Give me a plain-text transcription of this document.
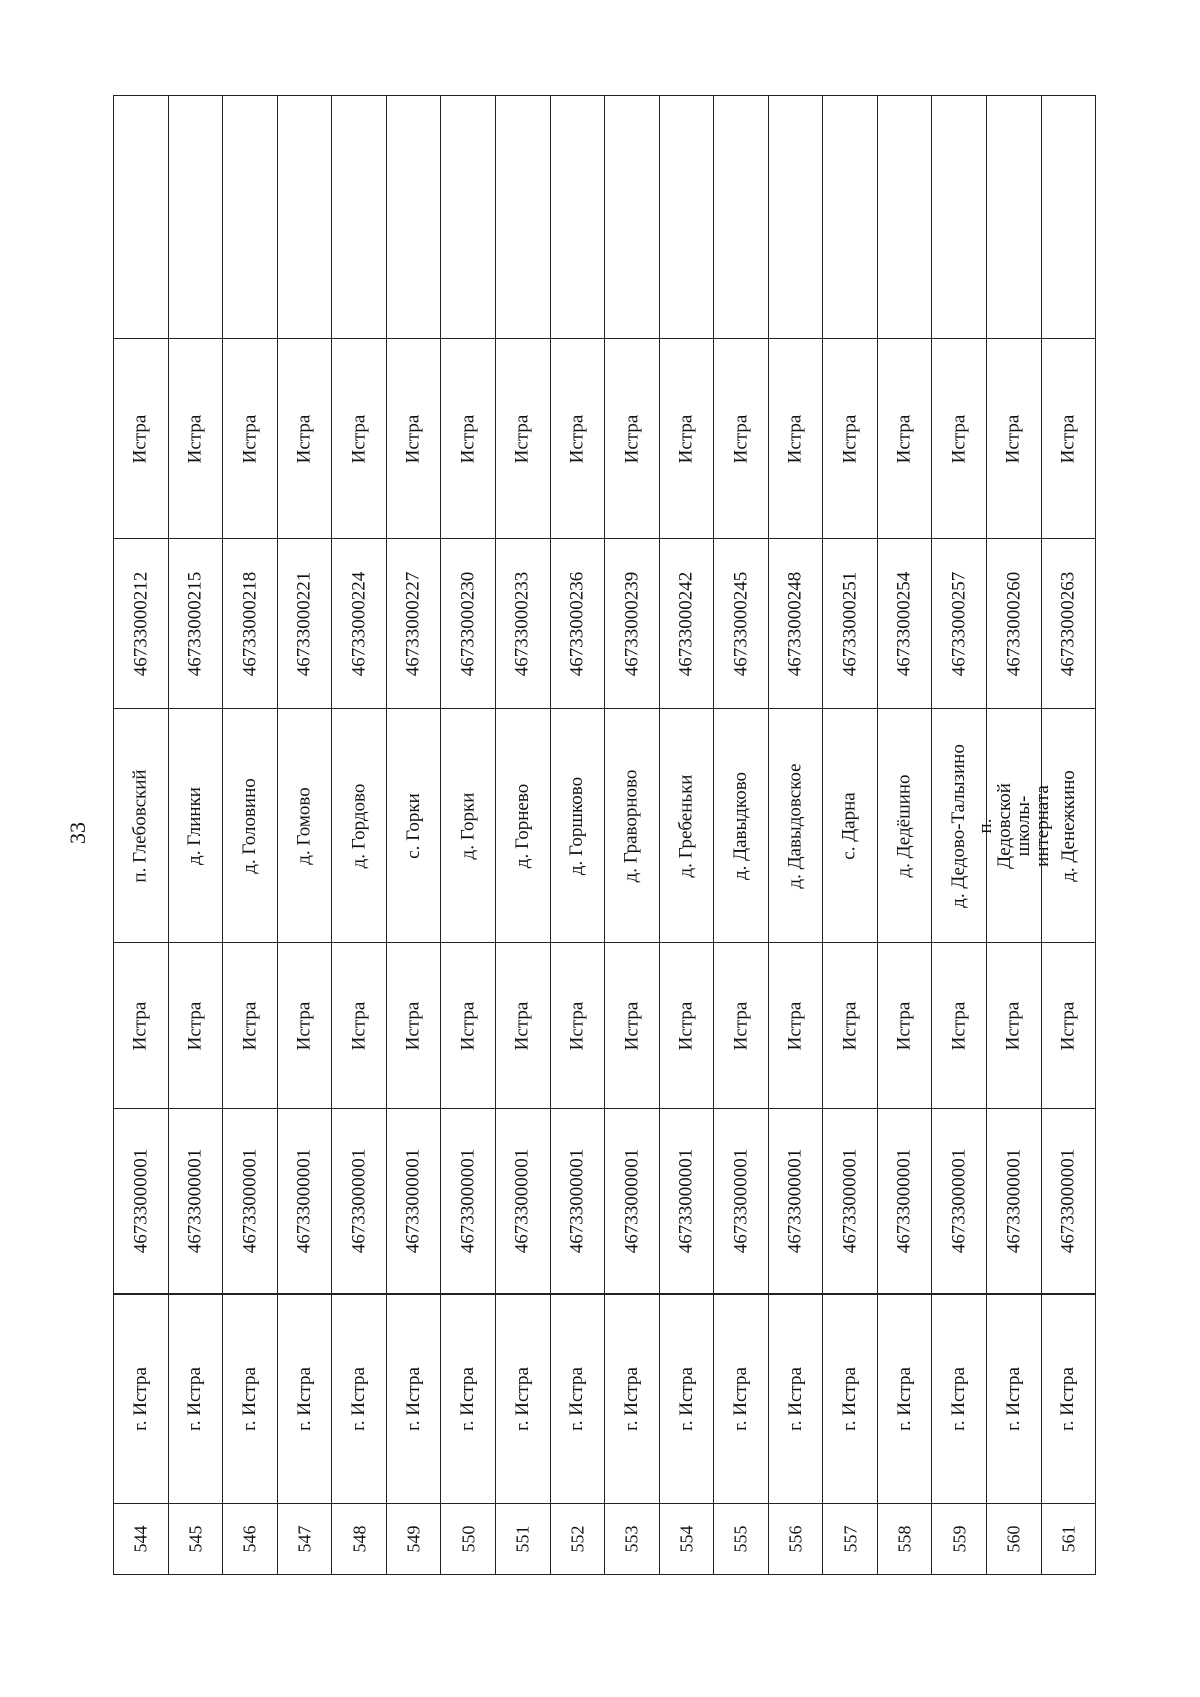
33
544
г. Истра
46733000001
Истра
п. Глебовский
46733000212
Истра
545
г. Истра
46733000001
Истра
д. Глинки
46733000215
Истра
546
г. Истра
46733000001
Истра
д. Головино
46733000218
Истра
547
г. Истра
46733000001
Истра
д. Гомово
46733000221
Истра
548
г. Истра
46733000001
Истра
д. Гордово
46733000224
Истра
549
г. Истра
46733000001
Истра
с. Горки
46733000227
Истра
550
г. Истра
46733000001
Истра
д. Горки
46733000230
Истра
551
г. Истра
46733000001
Истра
д. Горнево
46733000233
Истра
552
г. Истра
46733000001
Истра
д. Горшково
46733000236
Истра
553
г. Истра
46733000001
Истра
д. Граворново
46733000239
Истра
554
г. Истра
46733000001
Истра
д. Гребеньки
46733000242
Истра
555
г. Истра
46733000001
Истра
д. Давыдково
46733000245
Истра
556
г. Истра
46733000001
Истра
д. Давыдовское
46733000248
Истра
557
г. Истра
46733000001
Истра
с. Дарна
46733000251
Истра
558
г. Истра
46733000001
Истра
д. Дедёшино
46733000254
Истра
559
г. Истра
46733000001
Истра
д. Дедово-Талызино
46733000257
Истра
560
г. Истра
46733000001
Истра
п. Дедовской школы-интерната
46733000260
Истра
561
г. Истра
46733000001
Истра
д. Денежкино
46733000263
Истра
